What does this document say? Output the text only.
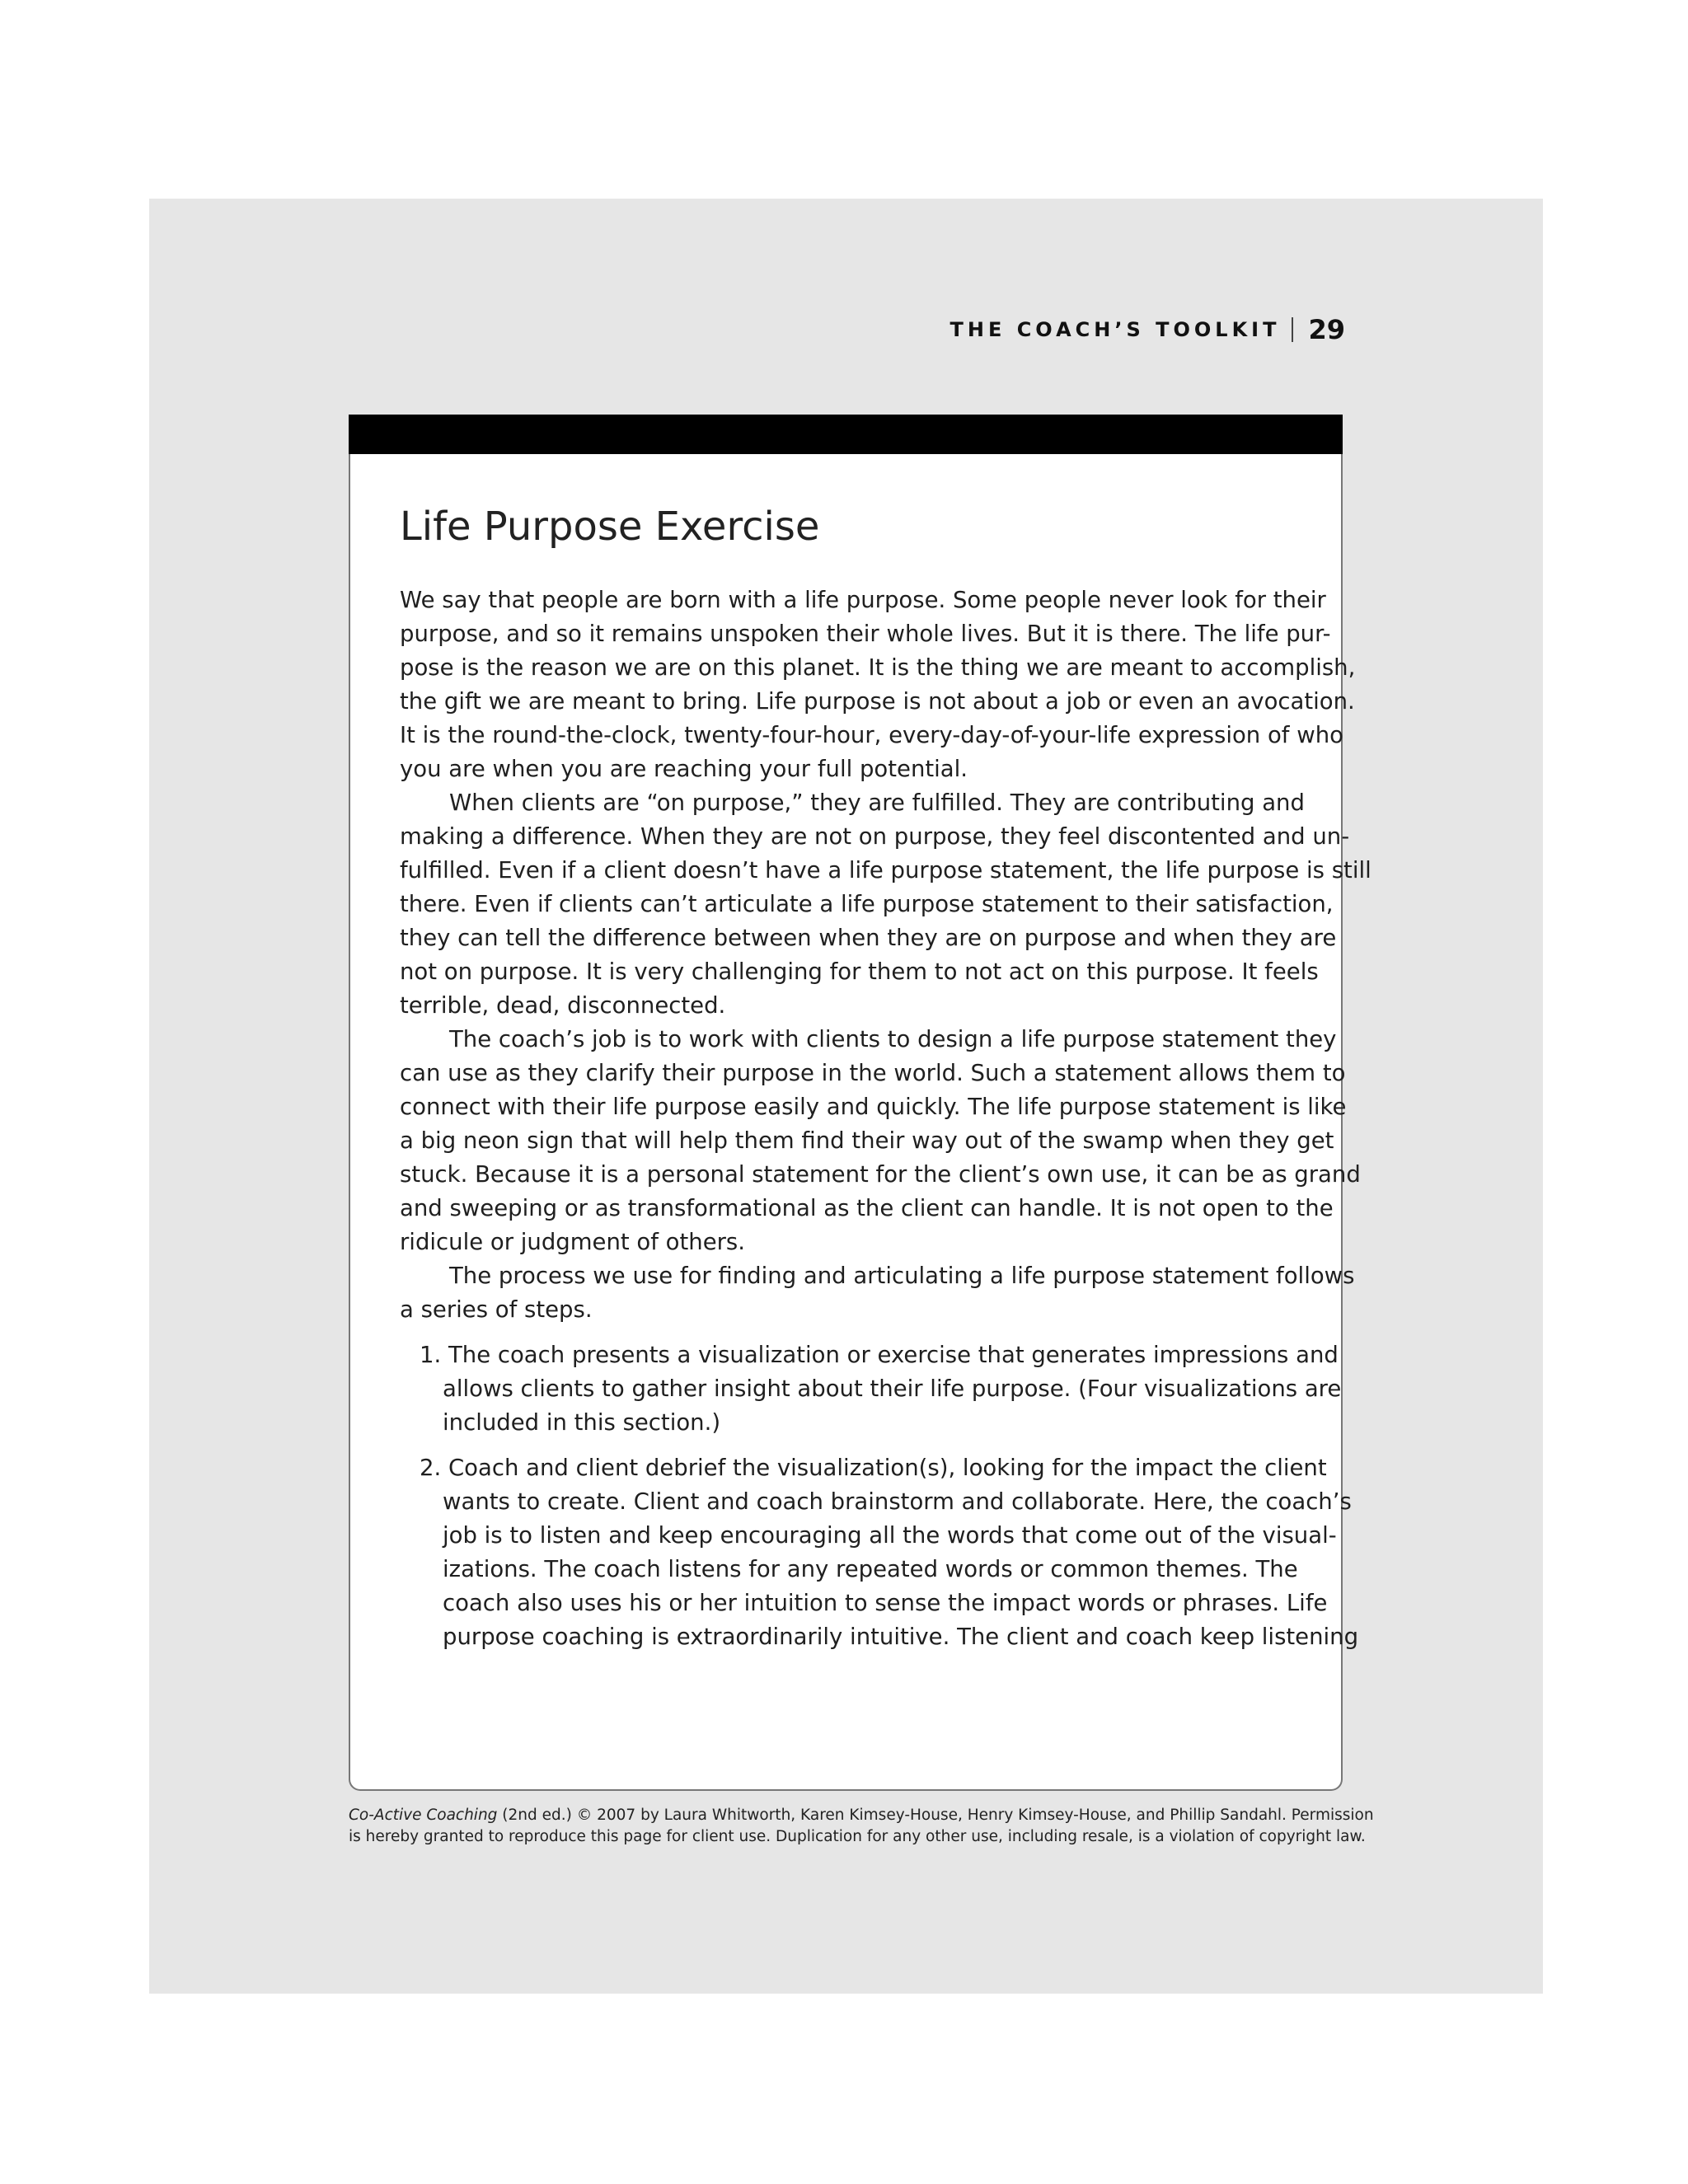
THE COACH’S TOOLKIT 29
Life Purpose Exercise
We say that people are born with a life purpose. Some people never look for their
purpose, and so it remains unspoken their whole lives. But it is there. The life pur-
pose is the reason we are on this planet. It is the thing we are meant to accomplish,
the gift we are meant to bring. Life purpose is not about a job or even an avocation.
It is the round-the-clock, twenty-four-hour, every-day-of-your-life expression of who
you are when you are reaching your full potential.
When clients are “on purpose,” they are fulfilled. They are contributing and
making a difference. When they are not on purpose, they feel discontented and un-
fulfilled. Even if a client doesn’t have a life purpose statement, the life purpose is still
there. Even if clients can’t articulate a life purpose statement to their satisfaction,
they can tell the difference between when they are on purpose and when they are
not on purpose. It is very challenging for them to not act on this purpose. It feels
terrible, dead, disconnected.
The coach’s job is to work with clients to design a life purpose statement they
can use as they clarify their purpose in the world. Such a statement allows them to
connect with their life purpose easily and quickly. The life purpose statement is like
a big neon sign that will help them find their way out of the swamp when they get
stuck. Because it is a personal statement for the client’s own use, it can be as grand
and sweeping or as transformational as the client can handle. It is not open to the
ridicule or judgment of others.
The process we use for finding and articulating a life purpose statement follows
a series of steps.
1. The coach presents a visualization or exercise that generates impressions and
allows clients to gather insight about their life purpose. (Four visualizations are
included in this section.)
2. Coach and client debrief the visualization(s), looking for the impact the client
wants to create. Client and coach brainstorm and collaborate. Here, the coach’s
job is to listen and keep encouraging all the words that come out of the visual-
izations. The coach listens for any repeated words or common themes. The
coach also uses his or her intuition to sense the impact words or phrases. Life
purpose coaching is extraordinarily intuitive. The client and coach keep listening
Co-Active Coaching (2nd ed.) © 2007 by Laura Whitworth, Karen Kimsey-House, Henry Kimsey-House, and Phillip Sandahl. Permission
is hereby granted to reproduce this page for client use. Duplication for any other use, including resale, is a violation of copyright law.
